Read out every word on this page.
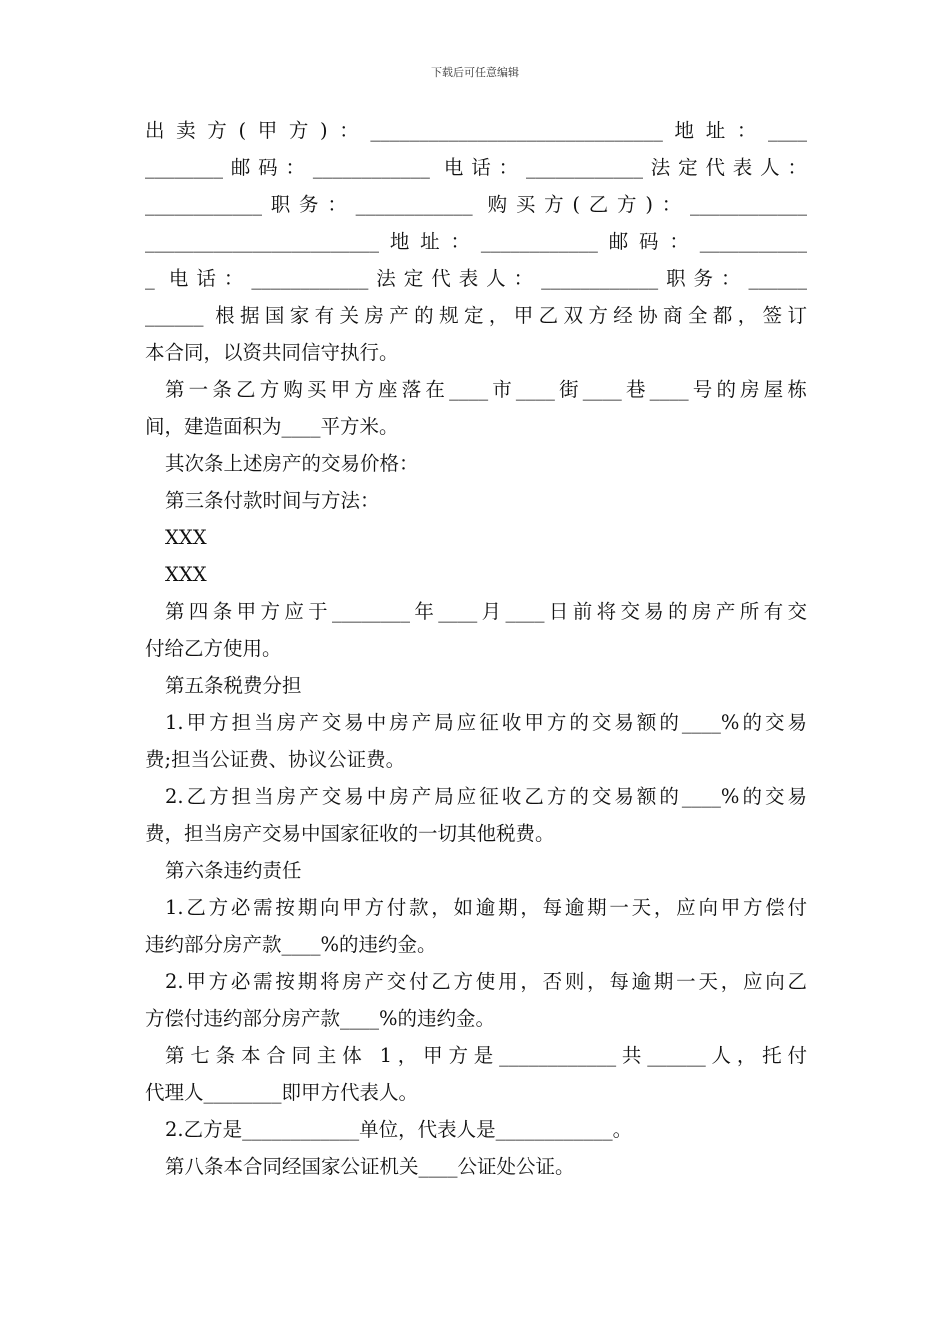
下载后可任意编辑

出卖方(甲方)：______________________________地址：____

________邮码：____________ 电话：____________法定代表人：

____________职务：____________ 购买方(乙方)：____________

________________________地址：____________邮码：___________

_ 电话：____________法定代表人：____________职务：______

______ 根据国家有关房产的规定，甲乙双方经协商全都，签订

本合同，以资共同信守执行。

第一条乙方购买甲方座落在____市____街____巷____号的房屋栋

间，建造面积为____平方米。

其次条上述房产的交易价格：

第三条付款时间与方法：

XXX

XXX

第四条甲方应于________年____月____日前将交易的房产所有交

付给乙方使用。

第五条税费分担

1.甲方担当房产交易中房产局应征收甲方的交易额的____%的交易

费;担当公证费、协议公证费。

2.乙方担当房产交易中房产局应征收乙方的交易额的____%的交易

费，担当房产交易中国家征收的一切其他税费。

第六条违约责任

1.乙方必需按期向甲方付款，如逾期，每逾期一天，应向甲方偿付

违约部分房产款____%的违约金。

2.甲方必需按期将房产交付乙方使用，否则，每逾期一天，应向乙

方偿付违约部分房产款____%的违约金。

第七条本合同主体 1，甲方是____________共______人，托付

代理人________即甲方代表人。

2.乙方是____________单位，代表人是____________。

第八条本合同经国家公证机关____公证处公证。
